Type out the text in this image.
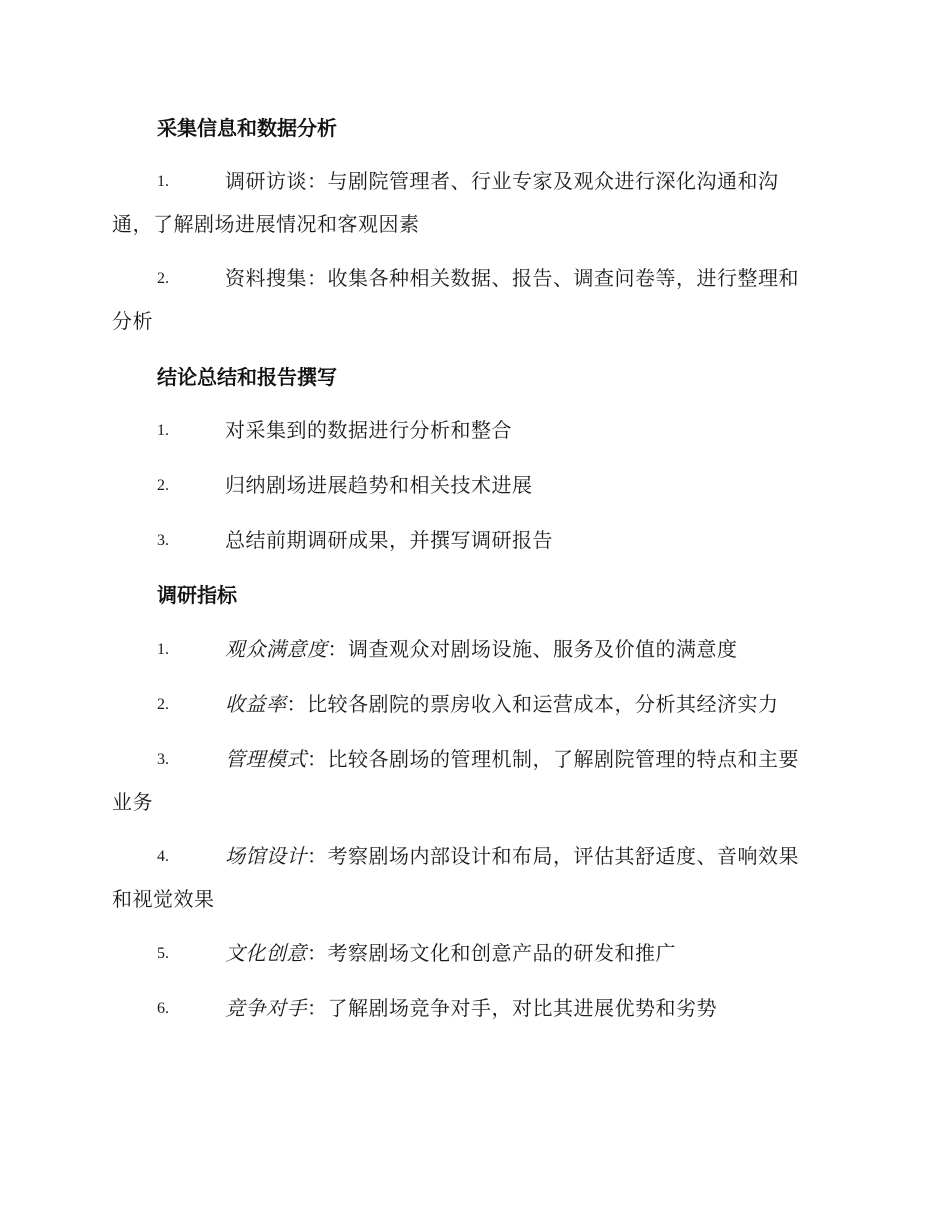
采集信息和数据分析
1.	调研访谈：与剧院管理者、行业专家及观众进行深化沟通和沟
通，了解剧场进展情况和客观因素
2.	资料搜集：收集各种相关数据、报告、调查问卷等，进行整理和
分析
结论总结和报告撰写
1.	对采集到的数据进行分析和整合
2.	归纳剧场进展趋势和相关技术进展
3.	总结前期调研成果，并撰写调研报告
调研指标
1.	观众满意度：调查观众对剧场设施、服务及价值的满意度
2.	收益率：比较各剧院的票房收入和运营成本，分析其经济实力
3.	管理模式：比较各剧场的管理机制，了解剧院管理的特点和主要
业务
4.	场馆设计：考察剧场内部设计和布局，评估其舒适度、音响效果
和视觉效果
5.	文化创意：考察剧场文化和创意产品的研发和推广
6.	竞争对手：了解剧场竞争对手，对比其进展优势和劣势
